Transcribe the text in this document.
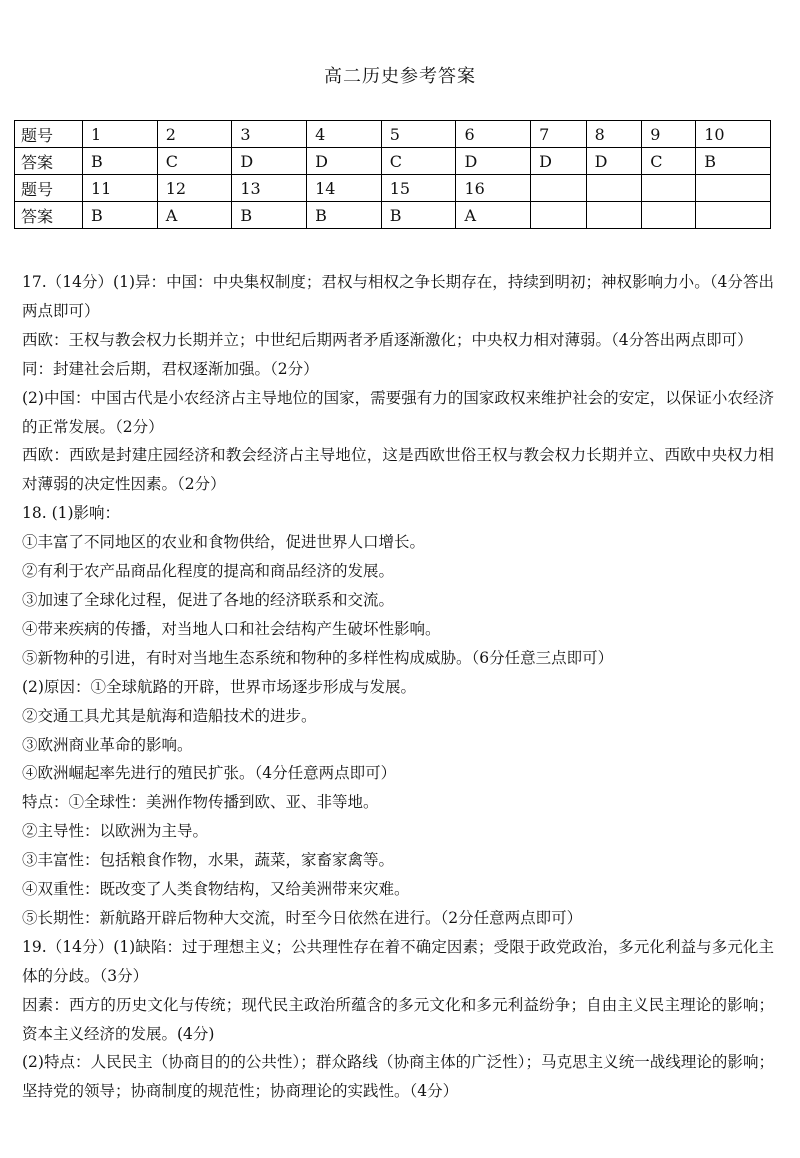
高二历史参考答案
题号	1	2	3	4	5	6	7	8	9	10
答案	B	C	D	D	C	D	D	D	C	B
题号	11	12	13	14	15	16				
答案	B	A	B	B	B	A				

17.（14分）(1)异：中国：中央集权制度；君权与相权之争长期存在，持续到明初；神权影响力小。（4分答出两点即可）

西欧：王权与教会权力长期并立；中世纪后期两者矛盾逐渐激化；中央权力相对薄弱。（4分答出两点即可）

同：封建社会后期，君权逐渐加强。（2分）

(2)中国：中国古代是小农经济占主导地位的国家，需要强有力的国家政权来维护社会的安定，以保证小农经济的正常发展。（2分）

西欧：西欧是封建庄园经济和教会经济占主导地位，这是西欧世俗王权与教会权力长期并立、西欧中央权力相对薄弱的决定性因素。（2分）

18. (1)影响：

①丰富了不同地区的农业和食物供给，促进世界人口增长。

②有利于农产品商品化程度的提高和商品经济的发展。

③加速了全球化过程，促进了各地的经济联系和交流。

④带来疾病的传播，对当地人口和社会结构产生破坏性影响。

⑤新物种的引进，有时对当地生态系统和物种的多样性构成威胁。（6分任意三点即可）

(2)原因：①全球航路的开辟，世界市场逐步形成与发展。

②交通工具尤其是航海和造船技术的进步。

③欧洲商业革命的影响。

④欧洲崛起率先进行的殖民扩张。（4分任意两点即可）

特点：①全球性：美洲作物传播到欧、亚、非等地。

②主导性：以欧洲为主导。

③丰富性：包括粮食作物，水果，蔬菜，家畜家禽等。

④双重性：既改变了人类食物结构，又给美洲带来灾难。

⑤长期性：新航路开辟后物种大交流，时至今日依然在进行。（2分任意两点即可）

19.（14分）(1)缺陷：过于理想主义；公共理性存在着不确定因素；受限于政党政治，多元化利益与多元化主体的分歧。（3分）

因素：西方的历史文化与传统；现代民主政治所蕴含的多元文化和多元利益纷争；自由主义民主理论的影响；资本主义经济的发展。(4分)

(2)特点：人民民主（协商目的的公共性）；群众路线（协商主体的广泛性）；马克思主义统一战线理论的影响；坚持党的领导；协商制度的规范性；协商理论的实践性。（4分）
